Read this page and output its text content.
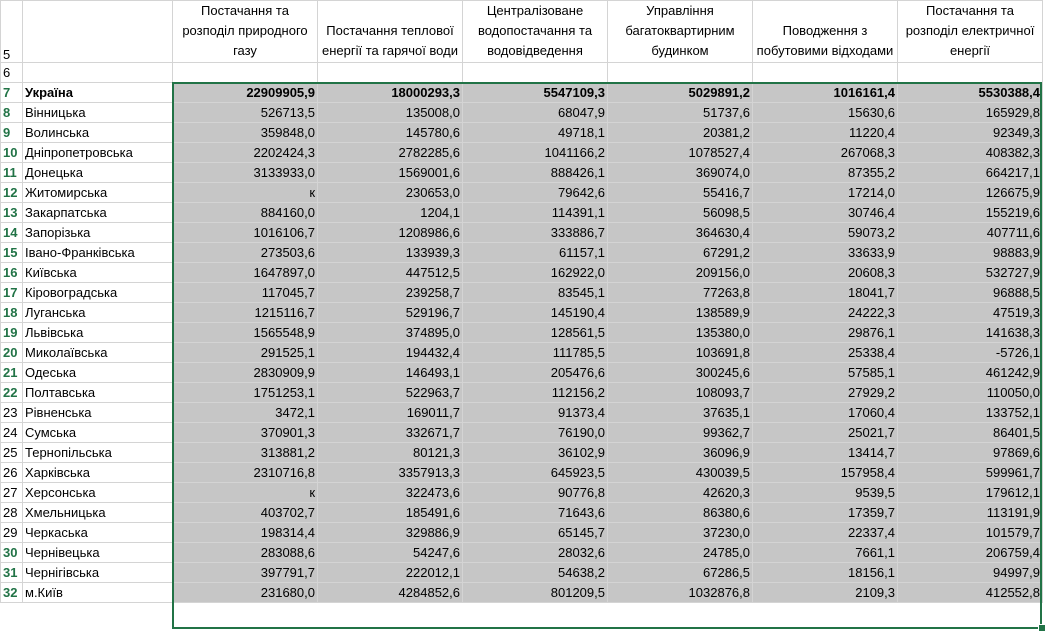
5		Постачання та розподіл природного газу	Постачання теплової енергії та гарячої води	Централізоване водопостачання та водовідведення	Управління багатоквартирним будинком	Поводження з побутовими відходами	Постачання та розподіл електричної енергії
6							
7	Україна	22909905,9	18000293,3	5547109,3	5029891,2	1016161,4	5530388,4
8	Вінницька	526713,5	135008,0	68047,9	51737,6	15630,6	165929,8
9	Волинська	359848,0	145780,6	49718,1	20381,2	11220,4	92349,3
10	Дніпропетровська	2202424,3	2782285,6	1041166,2	1078527,4	267068,3	408382,3
11	Донецька	3133933,0	1569001,6	888426,1	369074,0	87355,2	664217,1
12	Житомирська	к	230653,0	79642,6	55416,7	17214,0	126675,9
13	Закарпатська	884160,0	1204,1	114391,1	56098,5	30746,4	155219,6
14	Запорізька	1016106,7	1208986,6	333886,7	364630,4	59073,2	407711,6
15	Івано-Франківська	273503,6	133939,3	61157,1	67291,2	33633,9	98883,9
16	Київська	1647897,0	447512,5	162922,0	209156,0	20608,3	532727,9
17	Кіровоградська	117045,7	239258,7	83545,1	77263,8	18041,7	96888,5
18	Луганська	1215116,7	529196,7	145190,4	138589,9	24222,3	47519,3
19	Львівська	1565548,9	374895,0	128561,5	135380,0	29876,1	141638,3
20	Миколаївська	291525,1	194432,4	111785,5	103691,8	25338,4	-5726,1
21	Одеська	2830909,9	146493,1	205476,6	300245,6	57585,1	461242,9
22	Полтавська	1751253,1	522963,7	112156,2	108093,7	27929,2	110050,0
23	Рівненська	3472,1	169011,7	91373,4	37635,1	17060,4	133752,1
24	Сумська	370901,3	332671,7	76190,0	99362,7	25021,7	86401,5
25	Тернопільська	313881,2	80121,3	36102,9	36096,9	13414,7	97869,6
26	Харківська	2310716,8	3357913,3	645923,5	430039,5	157958,4	599961,7
27	Херсонська	к	322473,6	90776,8	42620,3	9539,5	179612,1
28	Хмельницька	403702,7	185491,6	71643,6	86380,6	17359,7	113191,9
29	Черкаська	198314,4	329886,9	65145,7	37230,0	22337,4	101579,7
30	Чернівецька	283088,6	54247,6	28032,6	24785,0	7661,1	206759,4
31	Чернігівська	397791,7	222012,1	54638,2	67286,5	18156,1	94997,9
32	м.Київ	231680,0	4284852,6	801209,5	1032876,8	2109,3	412552,8
